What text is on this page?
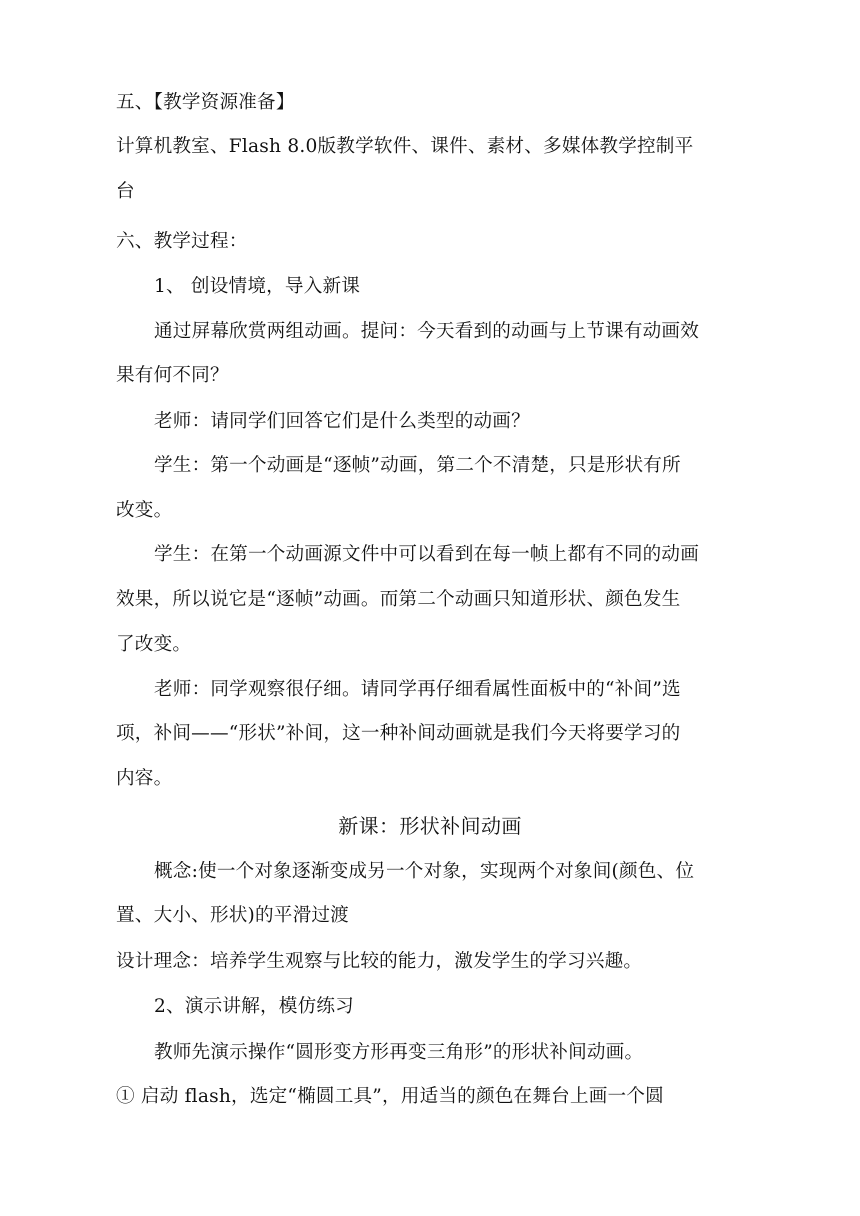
五、【教学资源准备】
计算机教室、Flash 8.0版教学软件、课件、素材、多媒体教学控制平
台
六、教学过程：
1、 创设情境，导入新课
通过屏幕欣赏两组动画。提问：今天看到的动画与上节课有动画效
果有何不同？
老师：请同学们回答它们是什么类型的动画？
学生：第一个动画是“逐帧”动画，第二个不清楚，只是形状有所
改变。
学生：在第一个动画源文件中可以看到在每一帧上都有不同的动画
效果，所以说它是“逐帧”动画。而第二个动画只知道形状、颜色发生
了改变。
老师：同学观察很仔细。请同学再仔细看属性面板中的“补间”选
项，补间——“形状”补间，这一种补间动画就是我们今天将要学习的
内容。
新课：形状补间动画
概念:使一个对象逐渐变成另一个对象，实现两个对象间(颜色、位
置、大小、形状)的平滑过渡
设计理念：培养学生观察与比较的能力，激发学生的学习兴趣。
2、演示讲解，模仿练习
教师先演示操作“圆形变方形再变三角形”的形状补间动画。
① 启动 flash，选定“椭圆工具”，用适当的颜色在舞台上画一个圆
